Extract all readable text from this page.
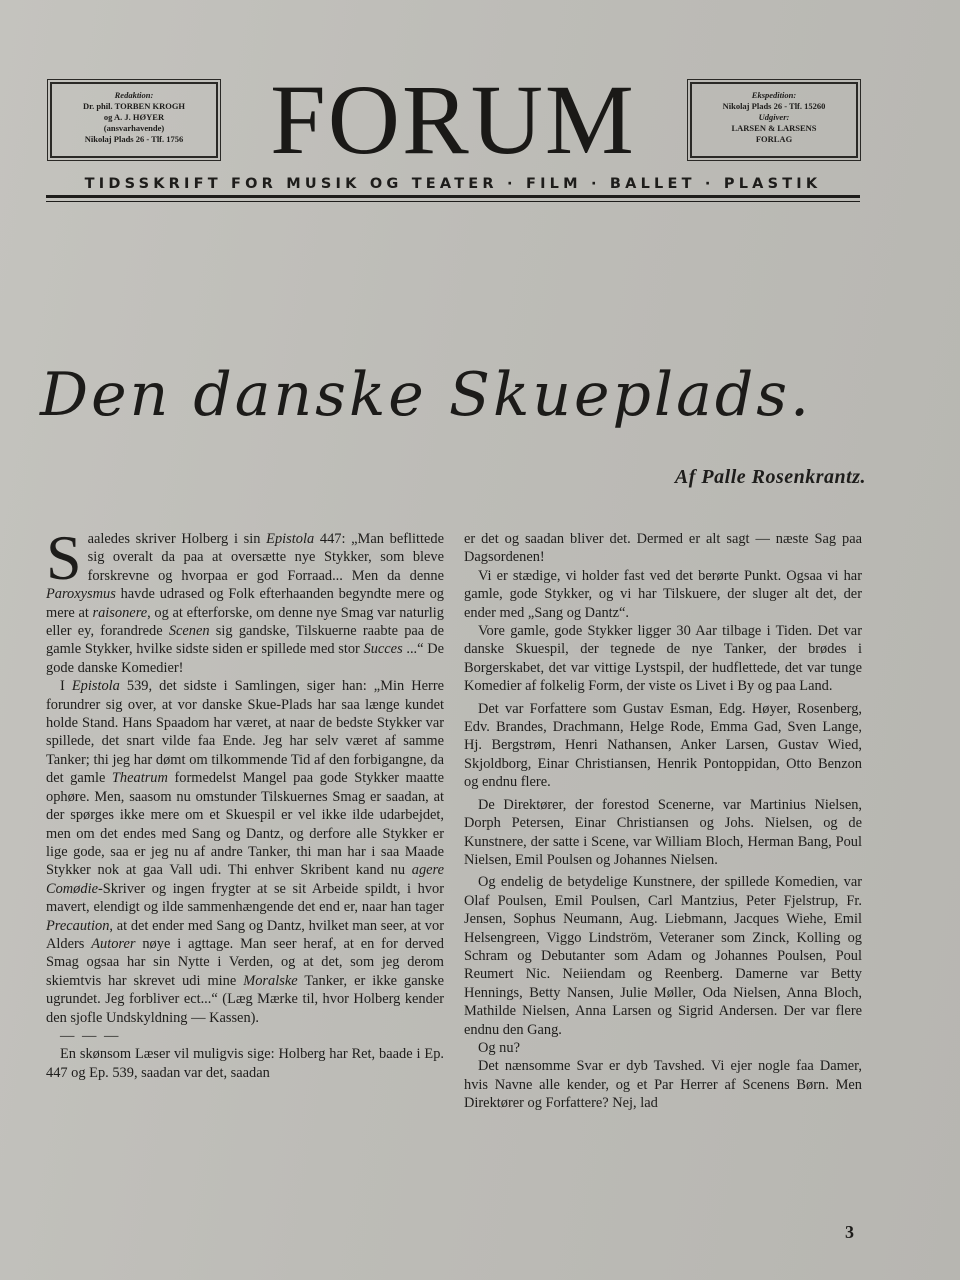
Redaktion:
Dr. phil. TORBEN KROGH
og A. J. HØYER
(ansvarhavende)
Nikolaj Plads 26 - Tlf. 1756 FORUM	Ekspedition:
Nikolaj Plads 26 - Tlf. 15260
Udgiver:
LARSEN & LARSENS
FORLAG
TIDSSKRIFT FOR MUSIK OG TEATER · FILM · BALLET · PLASTIK
Den danske Skueplads.
Af Palle Rosenkrantz.

Saaledes skriver Holberg i sin Epistola 447: „Man beflittede sig overalt da paa at oversætte nye Stykker, som bleve forskrevne og hvorpaa er god Forraad... Men da denne Paroxysmus havde udrased og Folk efterhaanden begyndte mere og mere at raisonere, og at efterforske, om denne nye Smag var naturlig eller ey, forandrede Scenen sig gandske, Tilskuerne raabte paa de gamle Stykker, hvilke sidste siden er spillede med stor Succes ...“ De gode danske Komedier!

I Epistola 539, det sidste i Samlingen, siger han: „Min Herre forundrer sig over, at vor danske Skue-Plads har saa længe kundet holde Stand. Hans Spaadom har været, at naar de bedste Stykker var spillede, det snart vilde faa Ende. Jeg har selv været af samme Tanker; thi jeg har dømt om tilkommende Tid af den forbigangne, da det gamle Theatrum formedelst Mangel paa gode Stykker maatte ophøre. Men, saasom nu omstunder Tilskuernes Smag er saadan, at der spørges ikke mere om et Skuespil er vel ikke ilde udarbejdet, men om det endes med Sang og Dantz, og derfore alle Stykker er lige gode, saa er jeg nu af andre Tanker, thi man har i saa Maade Stykker nok at gaa Vall udi. Thi enhver Skribent kand nu agere Comødie-Skriver og ingen frygter at se sit Arbeide spildt, i hvor mavert, elendigt og ilde sammenhængende det end er, naar han tager Precaution, at det ender med Sang og Dantz, hvilket man seer, at vor Alders Autorer nøye i agttage. Man seer heraf, at en for derved Smag ogsaa har sin Nytte i Verden, og at det, som jeg derom skiemtvis har skrevet udi mine Moralske Tanker, er ikke ganske ugrundet. Jeg forbliver ect...“ (Læg Mærke til, hvor Holberg kender den sjofle Undskyldning — Kassen).

— — —

En skønsom Læser vil muligvis sige: Holberg har Ret, baade i Ep. 447 og Ep. 539, saadan var det, saadan

er det og saadan bliver det. Dermed er alt sagt — næste Sag paa Dagsordenen!

Vi er stædige, vi holder fast ved det berørte Punkt. Ogsaa vi har gamle, gode Stykker, og vi har Tilskuere, der sluger alt det, der ender med „Sang og Dantz“.

Vore gamle, gode Stykker ligger 30 Aar tilbage i Tiden. Det var danske Skuespil, der tegnede de nye Tanker, der brødes i Borgerskabet, det var vittige Lystspil, der hudflettede, det var tunge Komedier af folkelig Form, der viste os Livet i By og paa Land.

Det var Forfattere som Gustav Esman, Edg. Høyer, Rosenberg, Edv. Brandes, Drachmann, Helge Rode, Emma Gad, Sven Lange, Hj. Bergstrøm, Henri Nathansen, Anker Larsen, Gustav Wied, Skjoldborg, Einar Christiansen, Henrik Pontoppidan, Otto Benzon og endnu flere.

De Direktører, der forestod Scenerne, var Martinius Nielsen, Dorph Petersen, Einar Christiansen og Johs. Nielsen, og de Kunstnere, der satte i Scene, var William Bloch, Herman Bang, Poul Nielsen, Emil Poulsen og Johannes Nielsen.

Og endelig de betydelige Kunstnere, der spillede Komedien, var Olaf Poulsen, Emil Poulsen, Carl Mantzius, Peter Fjelstrup, Fr. Jensen, Sophus Neumann, Aug. Liebmann, Jacques Wiehe, Emil Helsengreen, Viggo Lindström, Veteraner som Zinck, Kolling og Schram og Debutanter som Adam og Johannes Poulsen, Poul Reumert Nic. Neiiendam og Reenberg. Damerne var Betty Hennings, Betty Nansen, Julie Møller, Oda Nielsen, Anna Bloch, Mathilde Nielsen, Anna Larsen og Sigrid Andersen. Der var flere endnu den Gang.

Og nu?

Det nænsomme Svar er dyb Tavshed. Vi ejer nogle faa Damer, hvis Navne alle kender, og et Par Herrer af Scenens Børn. Men Direktører og Forfattere? Nej, lad

3
